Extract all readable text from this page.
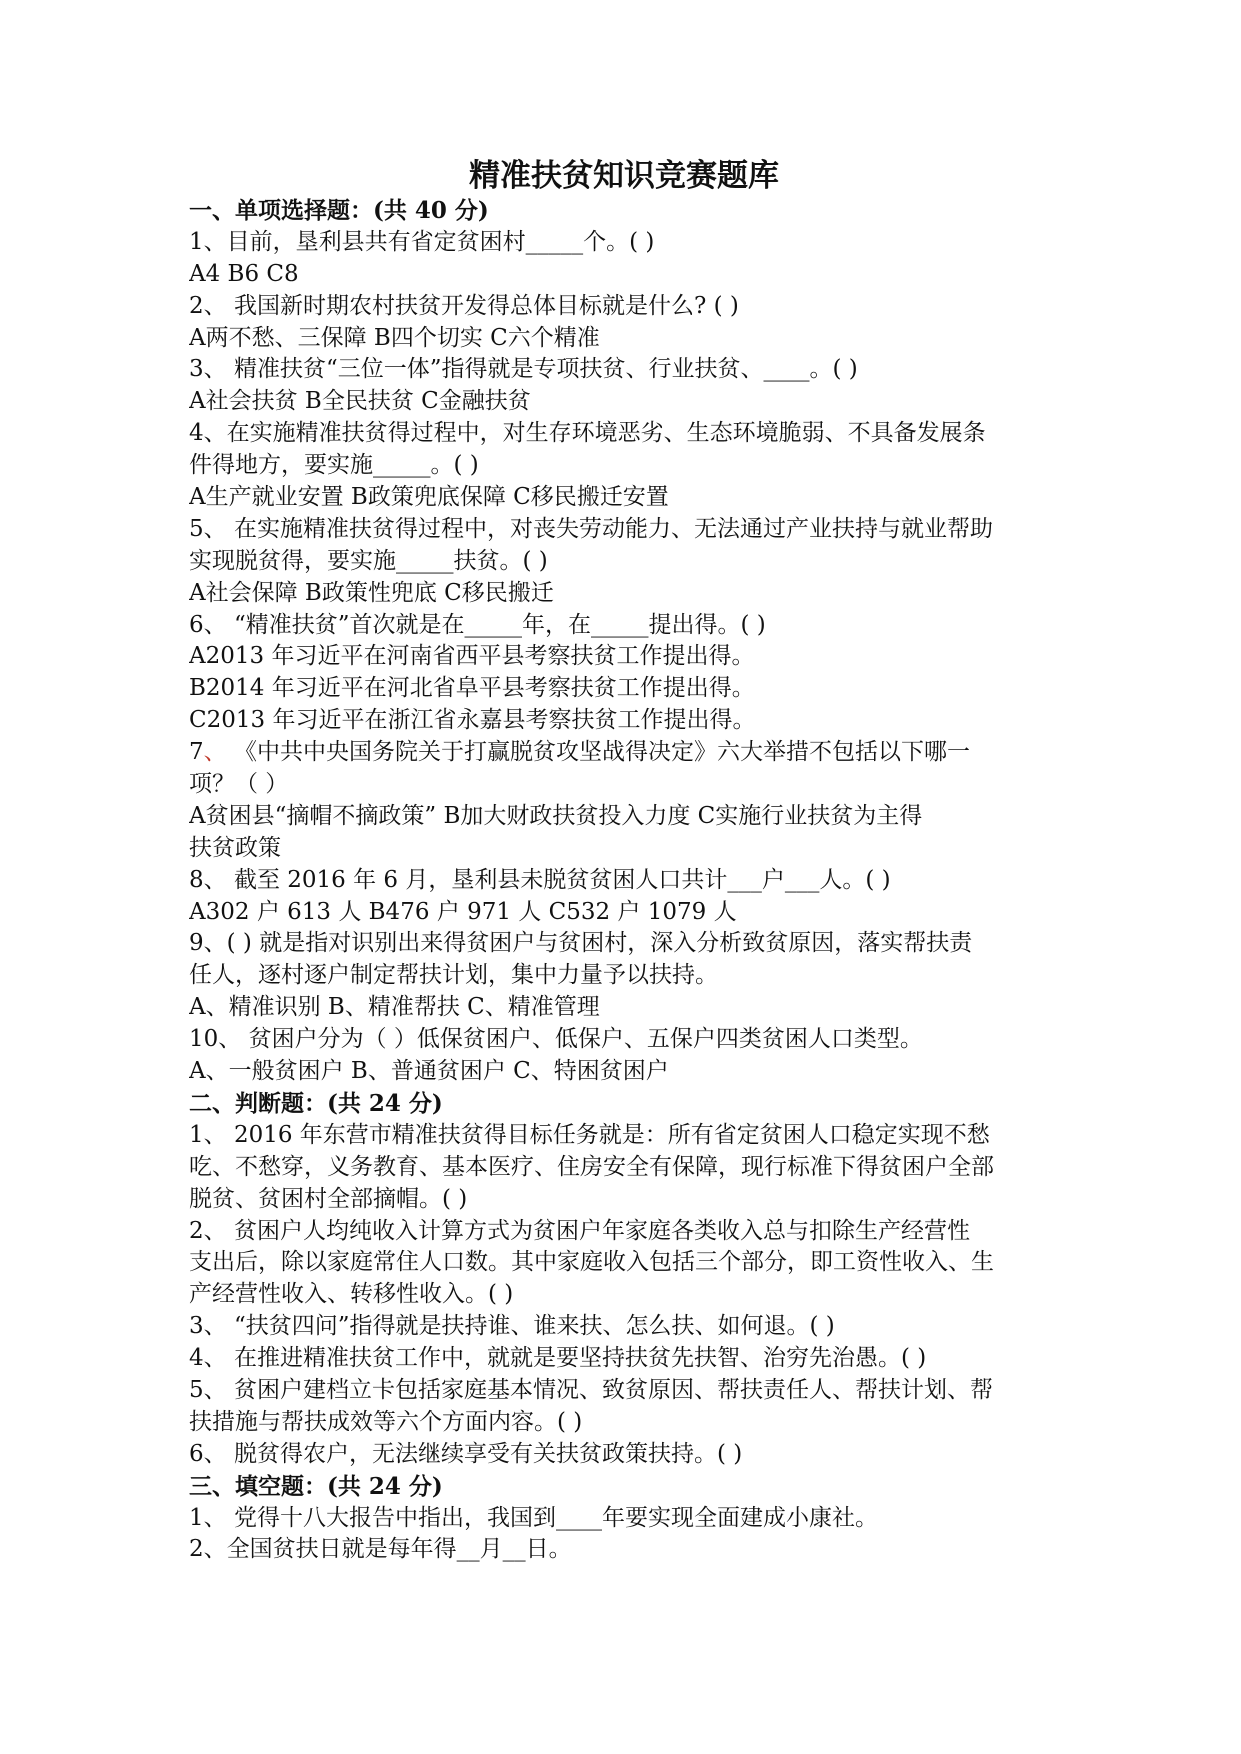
精准扶贫知识竞赛题库
一、单项选择题：(共 40 分)
1、目前，垦利县共有省定贫困村_____个。( )
A4 B6 C8
2、 我国新时期农村扶贫开发得总体目标就是什么? ( )
A两不愁、三保障 B四个切实 C六个精准
3、 精准扶贫“三位一体”指得就是专项扶贫、行业扶贫、____。( )
A社会扶贫 B全民扶贫 C金融扶贫
4、在实施精准扶贫得过程中，对生存环境恶劣、生态环境脆弱、不具备发展条
件得地方，要实施_____。( )
A生产就业安置 B政策兜底保障 C移民搬迁安置
5、 在实施精准扶贫得过程中，对丧失劳动能力、无法通过产业扶持与就业帮助
实现脱贫得，要实施_____扶贫。( )
A社会保障 B政策性兜底 C移民搬迁
6、 “精准扶贫”首次就是在_____年，在_____提出得。( )
A2013 年习近平在河南省西平县考察扶贫工作提出得。
B2014 年习近平在河北省阜平县考察扶贫工作提出得。
C2013 年习近平在浙江省永嘉县考察扶贫工作提出得。
7、 《中共中央国务院关于打赢脱贫攻坚战得决定》六大举措不包括以下哪一
项？（ ）
A贫困县“摘帽不摘政策” B加大财政扶贫投入力度 C实施行业扶贫为主得
扶贫政策
8、 截至 2016 年 6 月，垦利县未脱贫贫困人口共计___户___人。( )
A302 户 613 人 B476 户 971 人 C532 户 1079 人
9、( ) 就是指对识别出来得贫困户与贫困村，深入分析致贫原因，落实帮扶责
任人，逐村逐户制定帮扶计划，集中力量予以扶持。
A、精准识别 B、精准帮扶 C、精准管理
10、 贫困户分为（ ）低保贫困户、低保户、五保户四类贫困人口类型。
A、一般贫困户 B、普通贫困户 C、特困贫困户
二、判断题：(共 24 分)
1、 2016 年东营市精准扶贫得目标任务就是：所有省定贫困人口稳定实现不愁
吃、不愁穿，义务教育、基本医疗、住房安全有保障，现行标准下得贫困户全部
脱贫、贫困村全部摘帽。( )
2、 贫困户人均纯收入计算方式为贫困户年家庭各类收入总与扣除生产经营性
支出后，除以家庭常住人口数。其中家庭收入包括三个部分，即工资性收入、生
产经营性收入、转移性收入。( )
3、 “扶贫四问”指得就是扶持谁、谁来扶、怎么扶、如何退。( )
4、 在推进精准扶贫工作中，就就是要坚持扶贫先扶智、治穷先治愚。( )
5、 贫困户建档立卡包括家庭基本情况、致贫原因、帮扶责任人、帮扶计划、帮
扶措施与帮扶成效等六个方面内容。( )
6、 脱贫得农户，无法继续享受有关扶贫政策扶持。( )
三、填空题：(共 24 分)
1、 党得十八大报告中指出，我国到____年要实现全面建成小康社。
2、全国贫扶日就是每年得__月__日。
